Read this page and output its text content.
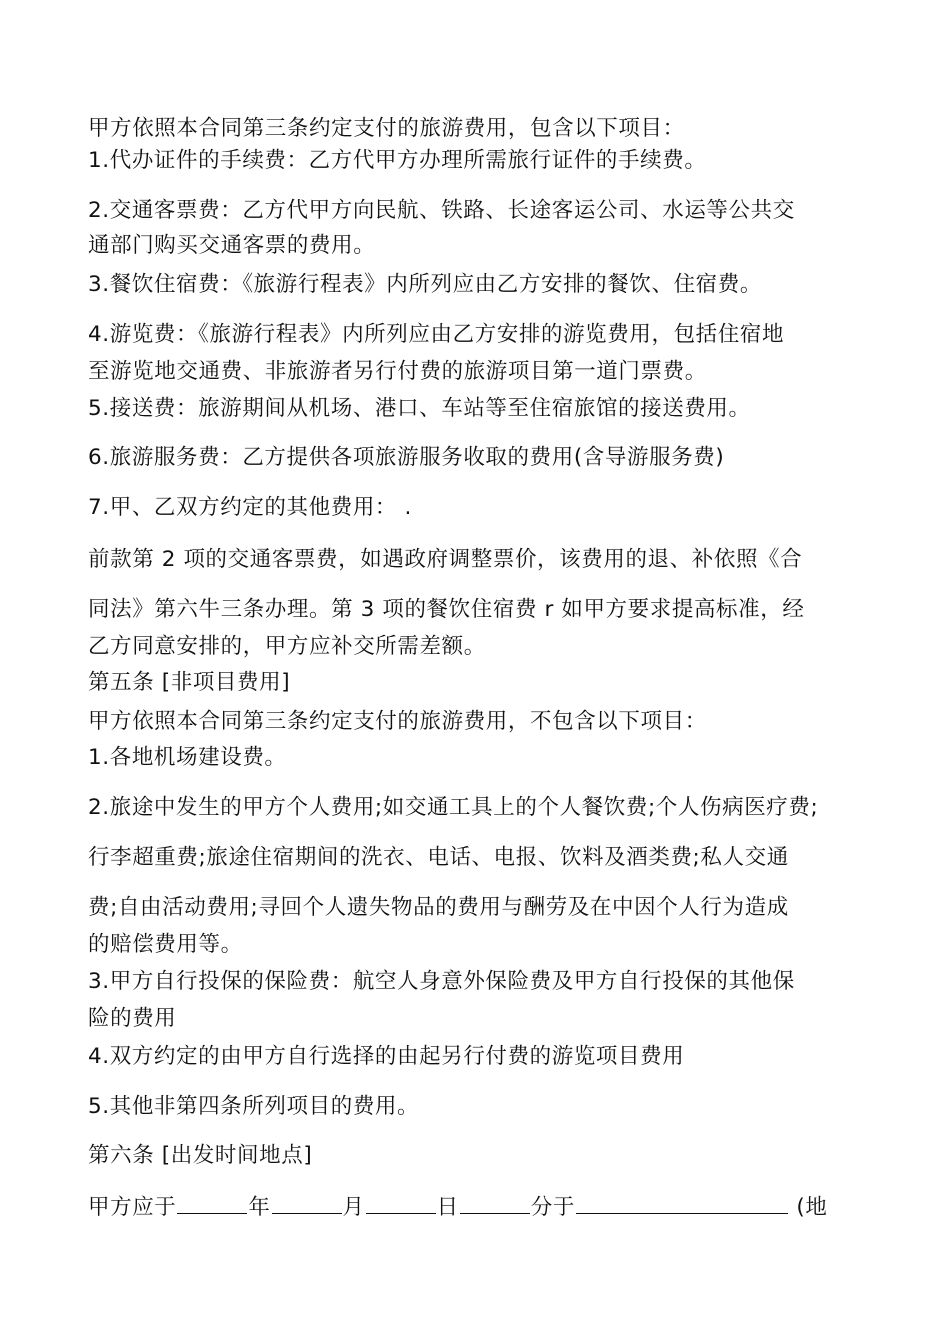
甲方依照本合同第三条约定支付的旅游费用，包含以下项目：
1.代办证件的手续费：乙方代甲方办理所需旅行证件的手续费。
2.交通客票费：乙方代甲方向民航、铁路、长途客运公司、水运等公共交
通部门购买交通客票的费用。
3.餐饮住宿费：《旅游行程表》内所列应由乙方安排的餐饮、住宿费。
4.游览费：《旅游行程表》内所列应由乙方安排的游览费用，包括住宿地
至游览地交通费、非旅游者另行付费的旅游项目第一道门票费。
5.接送费：旅游期间从机场、港口、车站等至住宿旅馆的接送费用。
6.旅游服务费：乙方提供各项旅游服务收取的费用(含导游服务费)
7.甲、乙双方约定的其他费用： .
前款第 2 项的交通客票费，如遇政府调整票价，该费用的退、补依照《合
同法》第六牛三条办理。第 3 项的餐饮住宿费 r 如甲方要求提高标准，经
乙方同意安排的，甲方应补交所需差额。
第五条 [非项目费用]
甲方依照本合同第三条约定支付的旅游费用，不包含以下项目：
1.各地机场建设费。
2.旅途中发生的甲方个人费用;如交通工具上的个人餐饮费;个人伤病医疗费;
行李超重费;旅途住宿期间的洗衣、电话、电报、饮料及酒类费;私人交通
费;自由活动费用;寻回个人遗失物品的费用与酬劳及在中因个人行为造成
的赔偿费用等。
3.甲方自行投保的保险费：航空人身意外保险费及甲方自行投保的其他保
险的费用
4.双方约定的由甲方自行选择的由起另行付费的游览项目费用
5.其他非第四条所列项目的费用。
第六条 [出发时间地点]
甲方应于	年	月	日	分于	(地
